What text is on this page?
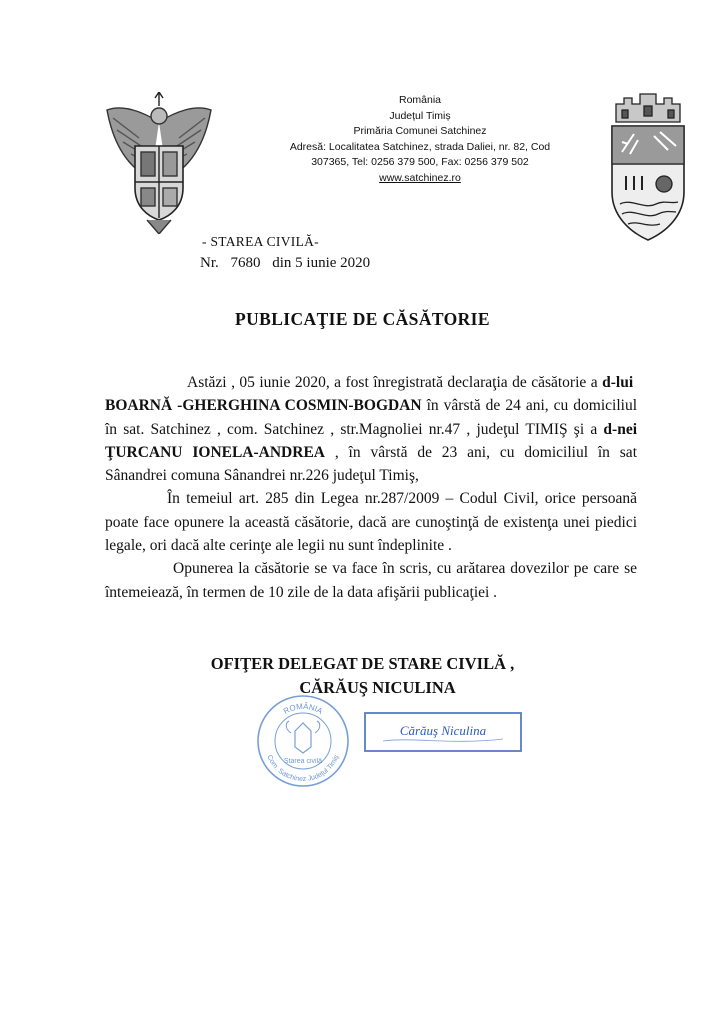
România
Județul Timiș
Primăria Comunei Satchinez
Adresă: Localitatea Satchinez, strada Daliei, nr. 82, Cod
307365, Tel: 0256 379 500, Fax: 0256 379 502
www.satchinez.ro
- STAREA CIVILĂ-
Nr. 7680 din 5 iunie 2020
PUBLICAŢIE DE CĂSĂTORIE

Astăzi , 05 iunie 2020, a fost înregistrată declaraţia de căsătorie a d-lui  BOARNĂ -GHERGHINA COSMIN-BOGDAN în vârstă de 24 ani, cu domiciliul în sat. Satchinez , com. Satchinez , str.Magnoliei nr.47 , judeţul TIMIŞ şi a d-nei ŢURCANU IONELA-ANDREA , în vârstă de 23 ani, cu domiciliul în sat Sânandrei comuna Sânandrei nr.226 judeţul Timiş,

În temeiul art. 285 din Legea nr.287/2009 – Codul Civil, orice persoană poate face opunere la această căsătorie, dacă are cunoştinţă de existenţa unei piedici legale, ori dacă alte cerinţe ale legii nu sunt îndeplinite .

Opunerea la căsătorie se va face în scris, cu arătarea dovezilor pe care se întemeiează, în termen de 10 zile de la data afişării publicaţiei .

OFIŢER DELEGAT DE STARE CIVILĂ ,
CĂRĂUŞ NICULINA
ROMÂNIA
Starea civilă
Com. Satchinez Judeţul Timiş
Cărăuş Niculina
